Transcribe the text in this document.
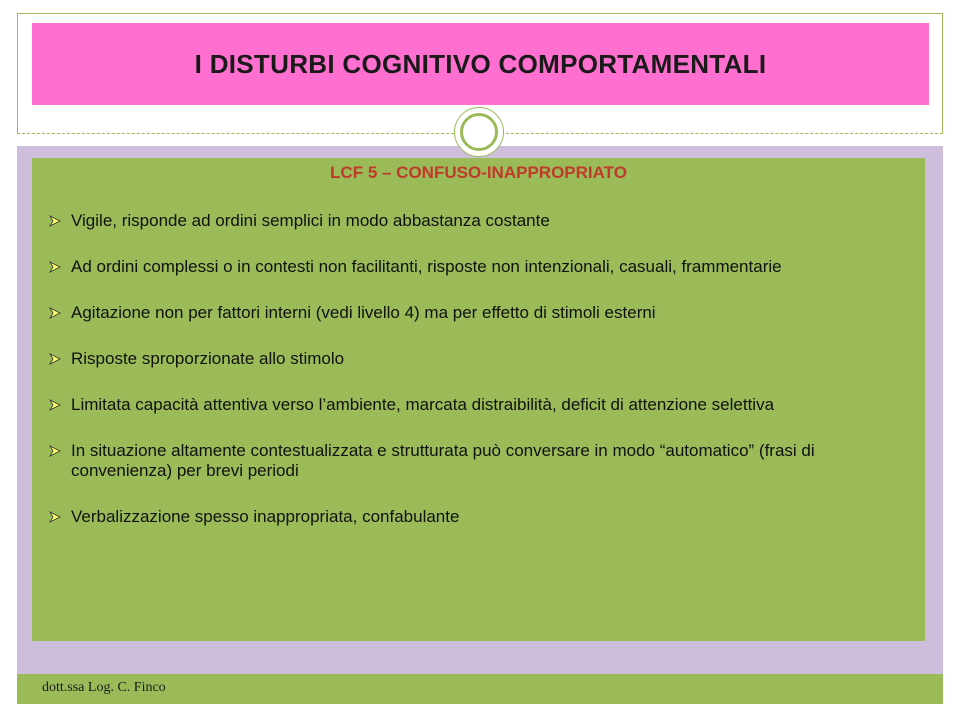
I DISTURBI COGNITIVO COMPORTAMENTALI
LCF 5 – CONFUSO-INAPPROPRIATO
Vigile, risponde ad ordini semplici in modo abbastanza costante
Ad ordini complessi o in contesti non facilitanti, risposte non intenzionali, casuali, frammentarie
Agitazione non per fattori interni (vedi livello 4) ma per effetto di stimoli esterni
Risposte sproporzionate allo stimolo
Limitata capacità attentiva verso l’ambiente, marcata distraibilità, deficit di attenzione selettiva
In situazione altamente contestualizzata e strutturata può conversare in modo “automatico” (frasi di convenienza) per brevi periodi
Verbalizzazione spesso inappropriata, confabulante
dott.ssa Log. C. Finco
